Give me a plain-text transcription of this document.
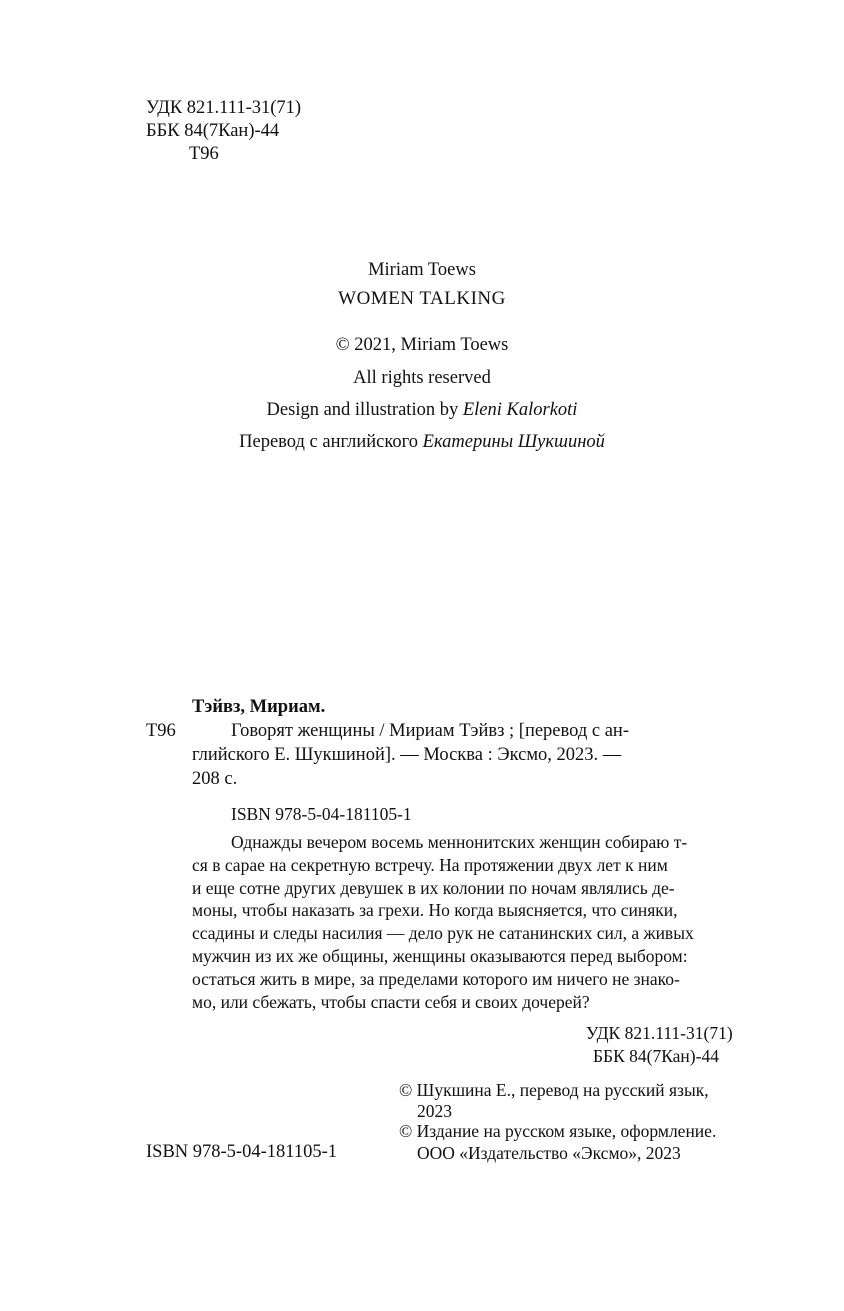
УДК 821.111-31(71)
ББК 84(7Кан)-44
Т96
Miriam Toews
WOMEN TALKING
© 2021, Miriam Toews
All rights reserved
Design and illustration by Eleni Kalorkoti
Перевод с английского Екатерины Шукшиной
Тэйвз, Мириам.
Т96	Говорят женщины / Мириам Тэйвз ; [перевод с ан-
глийского Е. Шукшиной]. — Москва : Эксмо, 2023. —
208 с.
ISBN 978-5-04-181105-1
Однажды вечером восемь меннонитских женщин собираю т-
ся в сарае на секретную встречу. На протяжении двух лет к ним
и еще сотне других девушек в их колонии по ночам являлись де-
моны, чтобы наказать за грехи. Но когда выясняется, что синяки,
ссадины и следы насилия — дело рук не сатанинских сил, а живых
мужчин из их же общины, женщины оказываются перед выбором:
остаться жить в мире, за пределами которого им ничего не знако-
мо, или сбежать, чтобы спасти себя и своих дочерей?
УДК 821.111-31(71)
ББК 84(7Кан)-44
© Шукшина Е., перевод на русский язык,
2023
© Издание на русском языке, оформление.
ISBN 978-5-04-181105-1	ООО «Издательство «Эксмо», 2023
